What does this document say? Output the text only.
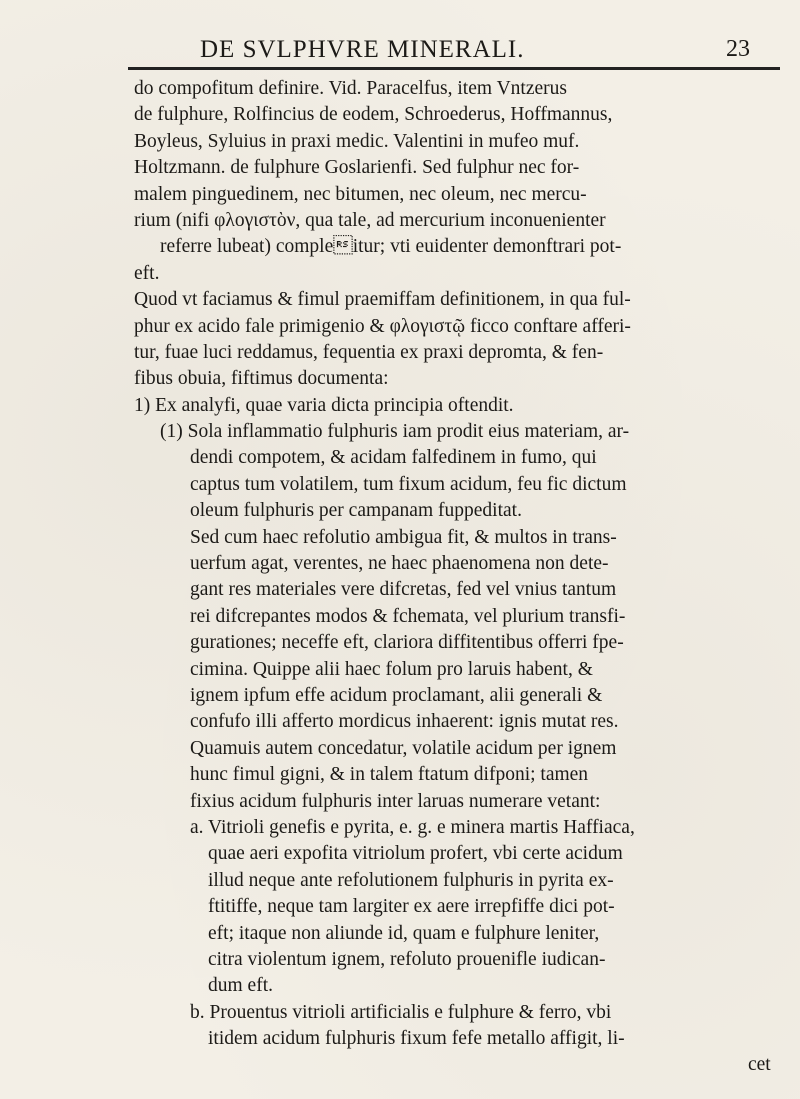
DE SVLPHVRE MINERALI.	23
do compofitum definire. Vid. Paracelfus, item Vntzerus
de fulphure, Rolfincius de eodem, Schroederus, Hoffmannus,
Boyleus, Syluius in praxi medic. Valentini in mufeo muf.
Holtzmann. de fulphure Goslarienfi. Sed fulphur nec for-
malem pinguedinem, nec bitumen, nec oleum, nec mercu-
rium (nifi φλογιστὸν, qua tale, ad mercurium inconuenienter
referre lubeat) compleitur; vti euidenter demonftrari pot-
eft.
Quod vt faciamus & fimul praemiffam definitionem, in qua ful-
phur ex acido fale primigenio & φλογιστῷ ficco conftare afferi-
tur, fuae luci reddamus, fequentia ex praxi depromta, & fen-
fibus obuia, fiftimus documenta:
1) Ex analyfi, quae varia dicta principia oftendit.
(1) Sola inflammatio fulphuris iam prodit eius materiam, ar-
dendi compotem, & acidam falfedinem in fumo, qui
captus tum volatilem, tum fixum acidum, feu fic dictum
oleum fulphuris per campanam fuppeditat.
Sed cum haec refolutio ambigua fit, & multos in trans-
uerfum agat, verentes, ne haec phaenomena non dete-
gant res materiales vere difcretas, fed vel vnius tantum
rei difcrepantes modos & fchemata, vel plurium transfi-
gurationes; neceffe eft, clariora diffitentibus offerri fpe-
cimina. Quippe alii haec folum pro laruis habent, &
ignem ipfum effe acidum proclamant, alii generali &
confufo illi afferto mordicus inhaerent: ignis mutat res.
Quamuis autem concedatur, volatile acidum per ignem
hunc fimul gigni, & in talem ftatum difponi; tamen
fixius acidum fulphuris inter laruas numerare vetant:
a. Vitrioli genefis e pyrita, e. g. e minera martis Haffiaca,
quae aeri expofita vitriolum profert, vbi certe acidum
illud neque ante refolutionem fulphuris in pyrita ex-
ftitiffe, neque tam largiter ex aere irrepfiffe dici pot-
eft; itaque non aliunde id, quam e fulphure leniter,
citra violentum ignem, refoluto prouenifle iudican-
dum eft.
b. Prouentus vitrioli artificialis e fulphure & ferro, vbi
itidem acidum fulphuris fixum fefe metallo affigit, li-
cet
